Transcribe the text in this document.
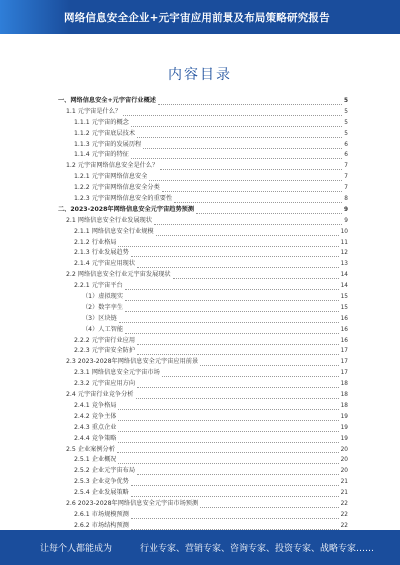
网络信息安全企业+元宇宙应用前景及布局策略研究报告
内容目录
一、网络信息安全+元宇宙行业概述	5
1.1 元宇宙是什么？	5
1.1.1 元宇宙的概念	5
1.1.2 元宇宙底层技术	5
1.1.3 元宇宙的发展历程	6
1.1.4 元宇宙的特征	6
1.2 元宇宙网络信息安全是什么？	7
1.2.1 元宇宙网络信息安全	7
1.2.2 元宇宙网络信息安全分类	7
1.2.3 元宇宙网络信息安全的重要性	8
二、2023-2028年网络信息安全元宇宙趋势预测	9
2.1 网络信息安全行业发展现状	9
2.1.1 网络信息安全行业规模	10
2.1.2 行业格局	11
2.1.3 行业发展趋势	12
2.1.4 元宇宙应用现状	13
2.2 网络信息安全行业元宇宙发展现状	14
2.2.1 元宇宙平台	14
（1）虚拟现实	15
（2）数字孪生	15
（3）区块链	16
（4）人工智能	16
2.2.2 元宇宙行业应用	16
2.2.3 元宇宙安全防护	17
2.3 2023-2028年网络信息安全元宇宙应用前景	17
2.3.1 网络信息安全元宇宙市场	17
2.3.2 元宇宙应用方向	18
2.4 元宇宙行业竞争分析	18
2.4.1 竞争格局	18
2.4.2 竞争主体	19
2.4.3 重点企业	19
2.4.4 竞争策略	19
2.5 企业案例分析	20
2.5.1 企业概况	20
2.5.2 企业元宇宙布局	20
2.5.3 企业竞争优势	21
2.5.4 企业发展策略	21
2.6 2023-2028年网络信息安全元宇宙市场预测	22
2.6.1 市场规模预测	22
2.6.2 市场结构预测	22
让每个人都能成为	行业专家、营销专家、咨询专家、投资专家、战略专家……
